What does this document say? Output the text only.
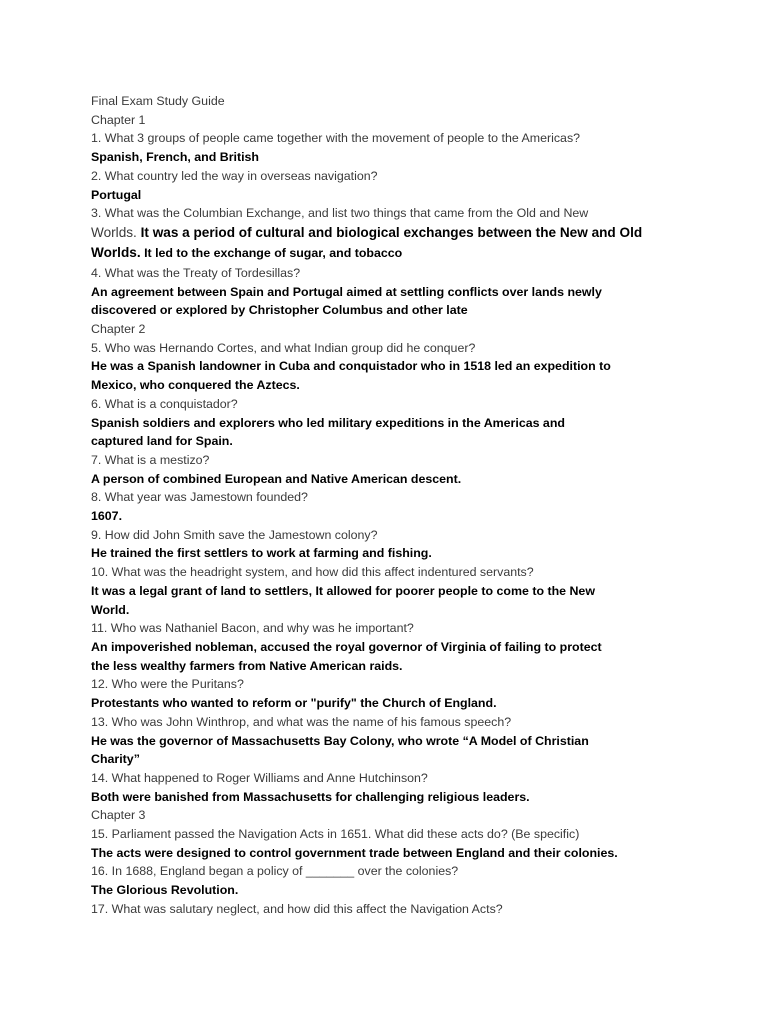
Final Exam Study Guide
Chapter 1
1. What 3 groups of people came together with the movement of people to the Americas?
Spanish, French, and British
2. What country led the way in overseas navigation?
Portugal
3. What was the Columbian Exchange, and list two things that came from the Old and New
Worlds. It was a period of cultural and biological exchanges between the New and Old
Worlds. It led to the exchange of sugar, and tobacco
4. What was the Treaty of Tordesillas?
An agreement between Spain and Portugal aimed at settling conflicts over lands newly
discovered or explored by Christopher Columbus and other late
Chapter 2
5. Who was Hernando Cortes, and what Indian group did he conquer?
He was a Spanish landowner in Cuba and conquistador who in 1518 led an expedition to
Mexico, who conquered the Aztecs.
6. What is a conquistador?
Spanish soldiers and explorers who led military expeditions in the Americas and
captured land for Spain.
7. What is a mestizo?
A person of combined European and Native American descent.
8. What year was Jamestown founded?
1607.
9. How did John Smith save the Jamestown colony?
He trained the first settlers to work at farming and fishing.
10. What was the headright system, and how did this affect indentured servants?
It was a legal grant of land to settlers, It allowed for poorer people to come to the New
World.
11. Who was Nathaniel Bacon, and why was he important?
An impoverished nobleman, accused the royal governor of Virginia of failing to protect
the less wealthy farmers from Native American raids.
12. Who were the Puritans?
Protestants who wanted to reform or "purify" the Church of England.
13. Who was John Winthrop, and what was the name of his famous speech?
He was the governor of Massachusetts Bay Colony, who wrote “A Model of Christian
Charity”
14. What happened to Roger Williams and Anne Hutchinson?
Both were banished from Massachusetts for challenging religious leaders.
Chapter 3
15. Parliament passed the Navigation Acts in 1651. What did these acts do? (Be specific)
The acts were designed to control government trade between England and their colonies.
16. In 1688, England began a policy of _______ over the colonies?
The Glorious Revolution.
17. What was salutary neglect, and how did this affect the Navigation Acts?
